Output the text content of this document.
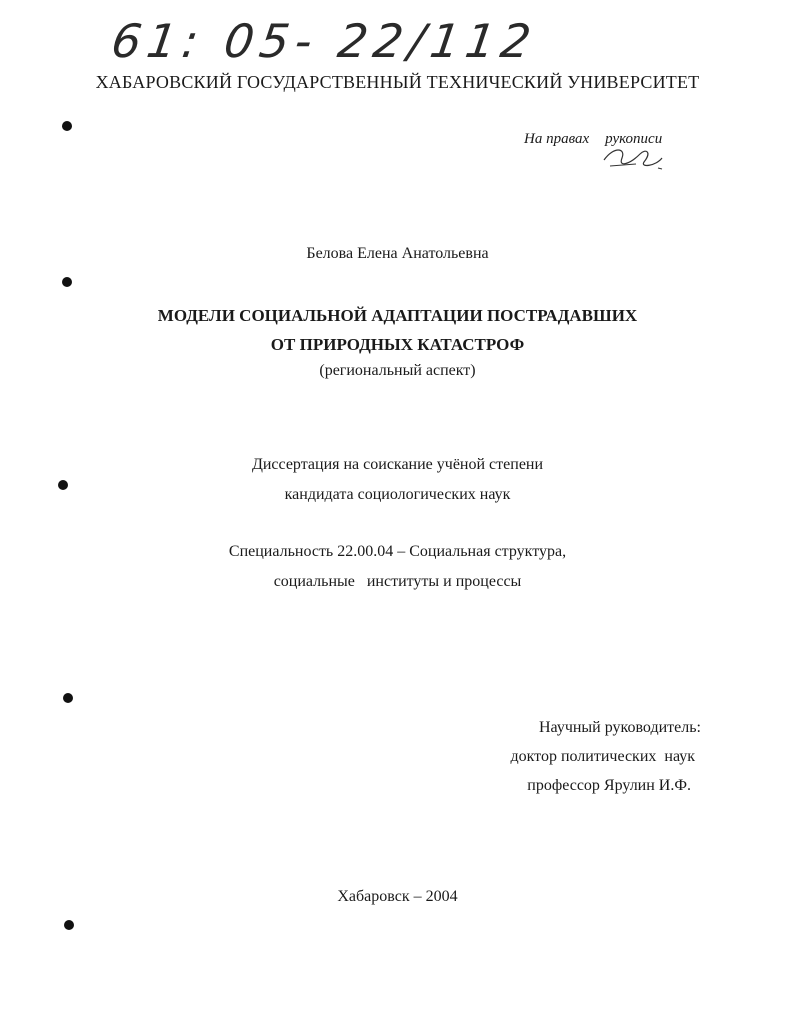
61: 05- 22/112
ХАБАРОВСКИЙ ГОСУДАРСТВЕННЫЙ ТЕХНИЧЕСКИЙ УНИВЕРСИТЕТ
На правах рукописи
Белова Елена Анатольевна
МОДЕЛИ СОЦИАЛЬНОЙ АДАПТАЦИИ ПОСТРАДАВШИХ
ОТ ПРИРОДНЫХ КАТАСТРОФ
(региональный аспект)
Диссертация на соискание учёной степени
кандидата социологических наук
Специальность 22.00.04 – Социальная структура,
социальные   институты и процессы
Научный руководитель:
доктор политических  наук
профессор Ярулин И.Ф.
Хабаровск – 2004
